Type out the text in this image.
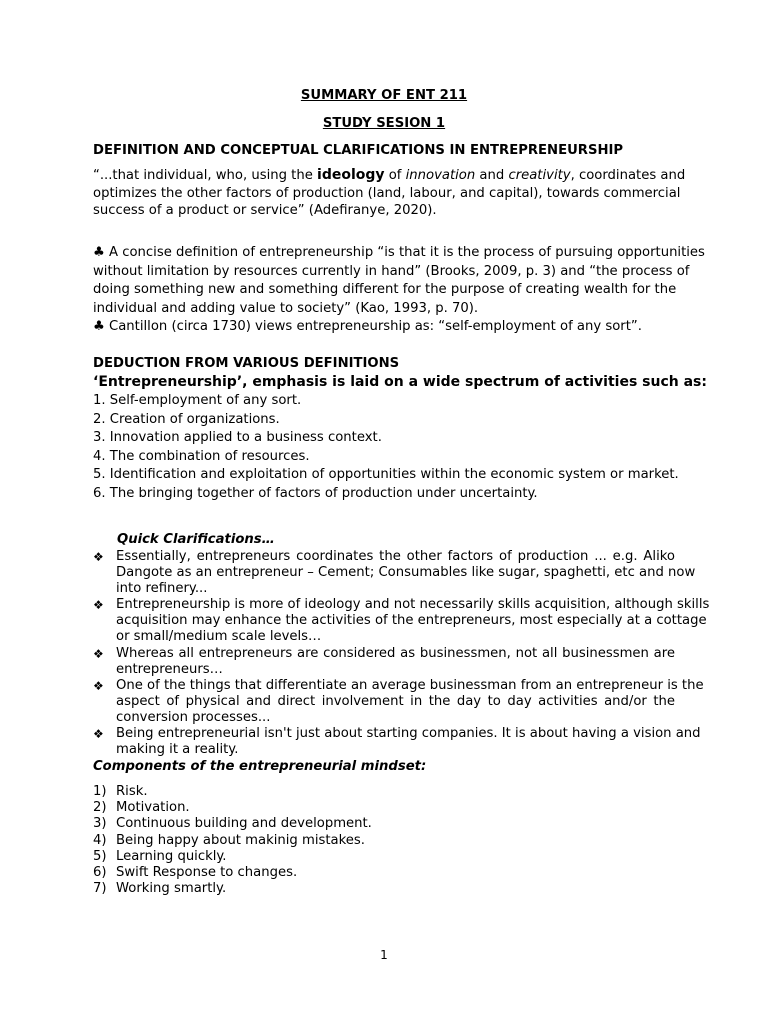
SUMMARY OF ENT 211
STUDY SESION 1
DEFINITION AND CONCEPTUAL CLARIFICATIONS IN ENTREPRENEURSHIP
“...that individual, who, using the ideology of innovation and creativity, coordinates and
optimizes the other factors of production (land, labour, and capital), towards commercial
success of a product or service” (Adefiranye, 2020).
♣ A concise definition of entrepreneurship “is that it is the process of pursuing opportunities
without limitation by resources currently in hand” (Brooks, 2009, p. 3) and “the process of
doing something new and something different for the purpose of creating wealth for the
individual and adding value to society” (Kao, 1993, p. 70).
♣ Cantillon (circa 1730) views entrepreneurship as: “self-employment of any sort”.
DEDUCTION FROM VARIOUS DEFINITIONS
‘Entrepreneurship’, emphasis is laid on a wide spectrum of activities such as:
1. Self-employment of any sort.
2. Creation of organizations.
3. Innovation applied to a business context.
4. The combination of resources.
5. Identification and exploitation of opportunities within the economic system or market.
6. The bringing together of factors of production under uncertainty.
Quick Clarifications…
❖ Essentially, entrepreneurs coordinates the other factors of production ... e.g. Aliko
Dangote as an entrepreneur – Cement; Consumables like sugar, spaghetti, etc and now
into refinery...
❖ Entrepreneurship is more of ideology and not necessarily skills acquisition, although skills
acquisition may enhance the activities of the entrepreneurs, most especially at a cottage
or small/medium scale levels…
❖ Whereas all entrepreneurs are considered as businessmen, not all businessmen are
entrepreneurs…
❖ One of the things that differentiate an average businessman from an entrepreneur is the
aspect of physical and direct involvement in the day to day activities and/or the
conversion processes...
❖ Being entrepreneurial isn't just about starting companies. It is about having a vision and
making it a reality.
Components of the entrepreneurial mindset:
1) Risk.
2) Motivation.
3) Continuous building and development.
4) Being happy about makinig mistakes.
5) Learning quickly.
6) Swift Response to changes.
7) Working smartly.
1
